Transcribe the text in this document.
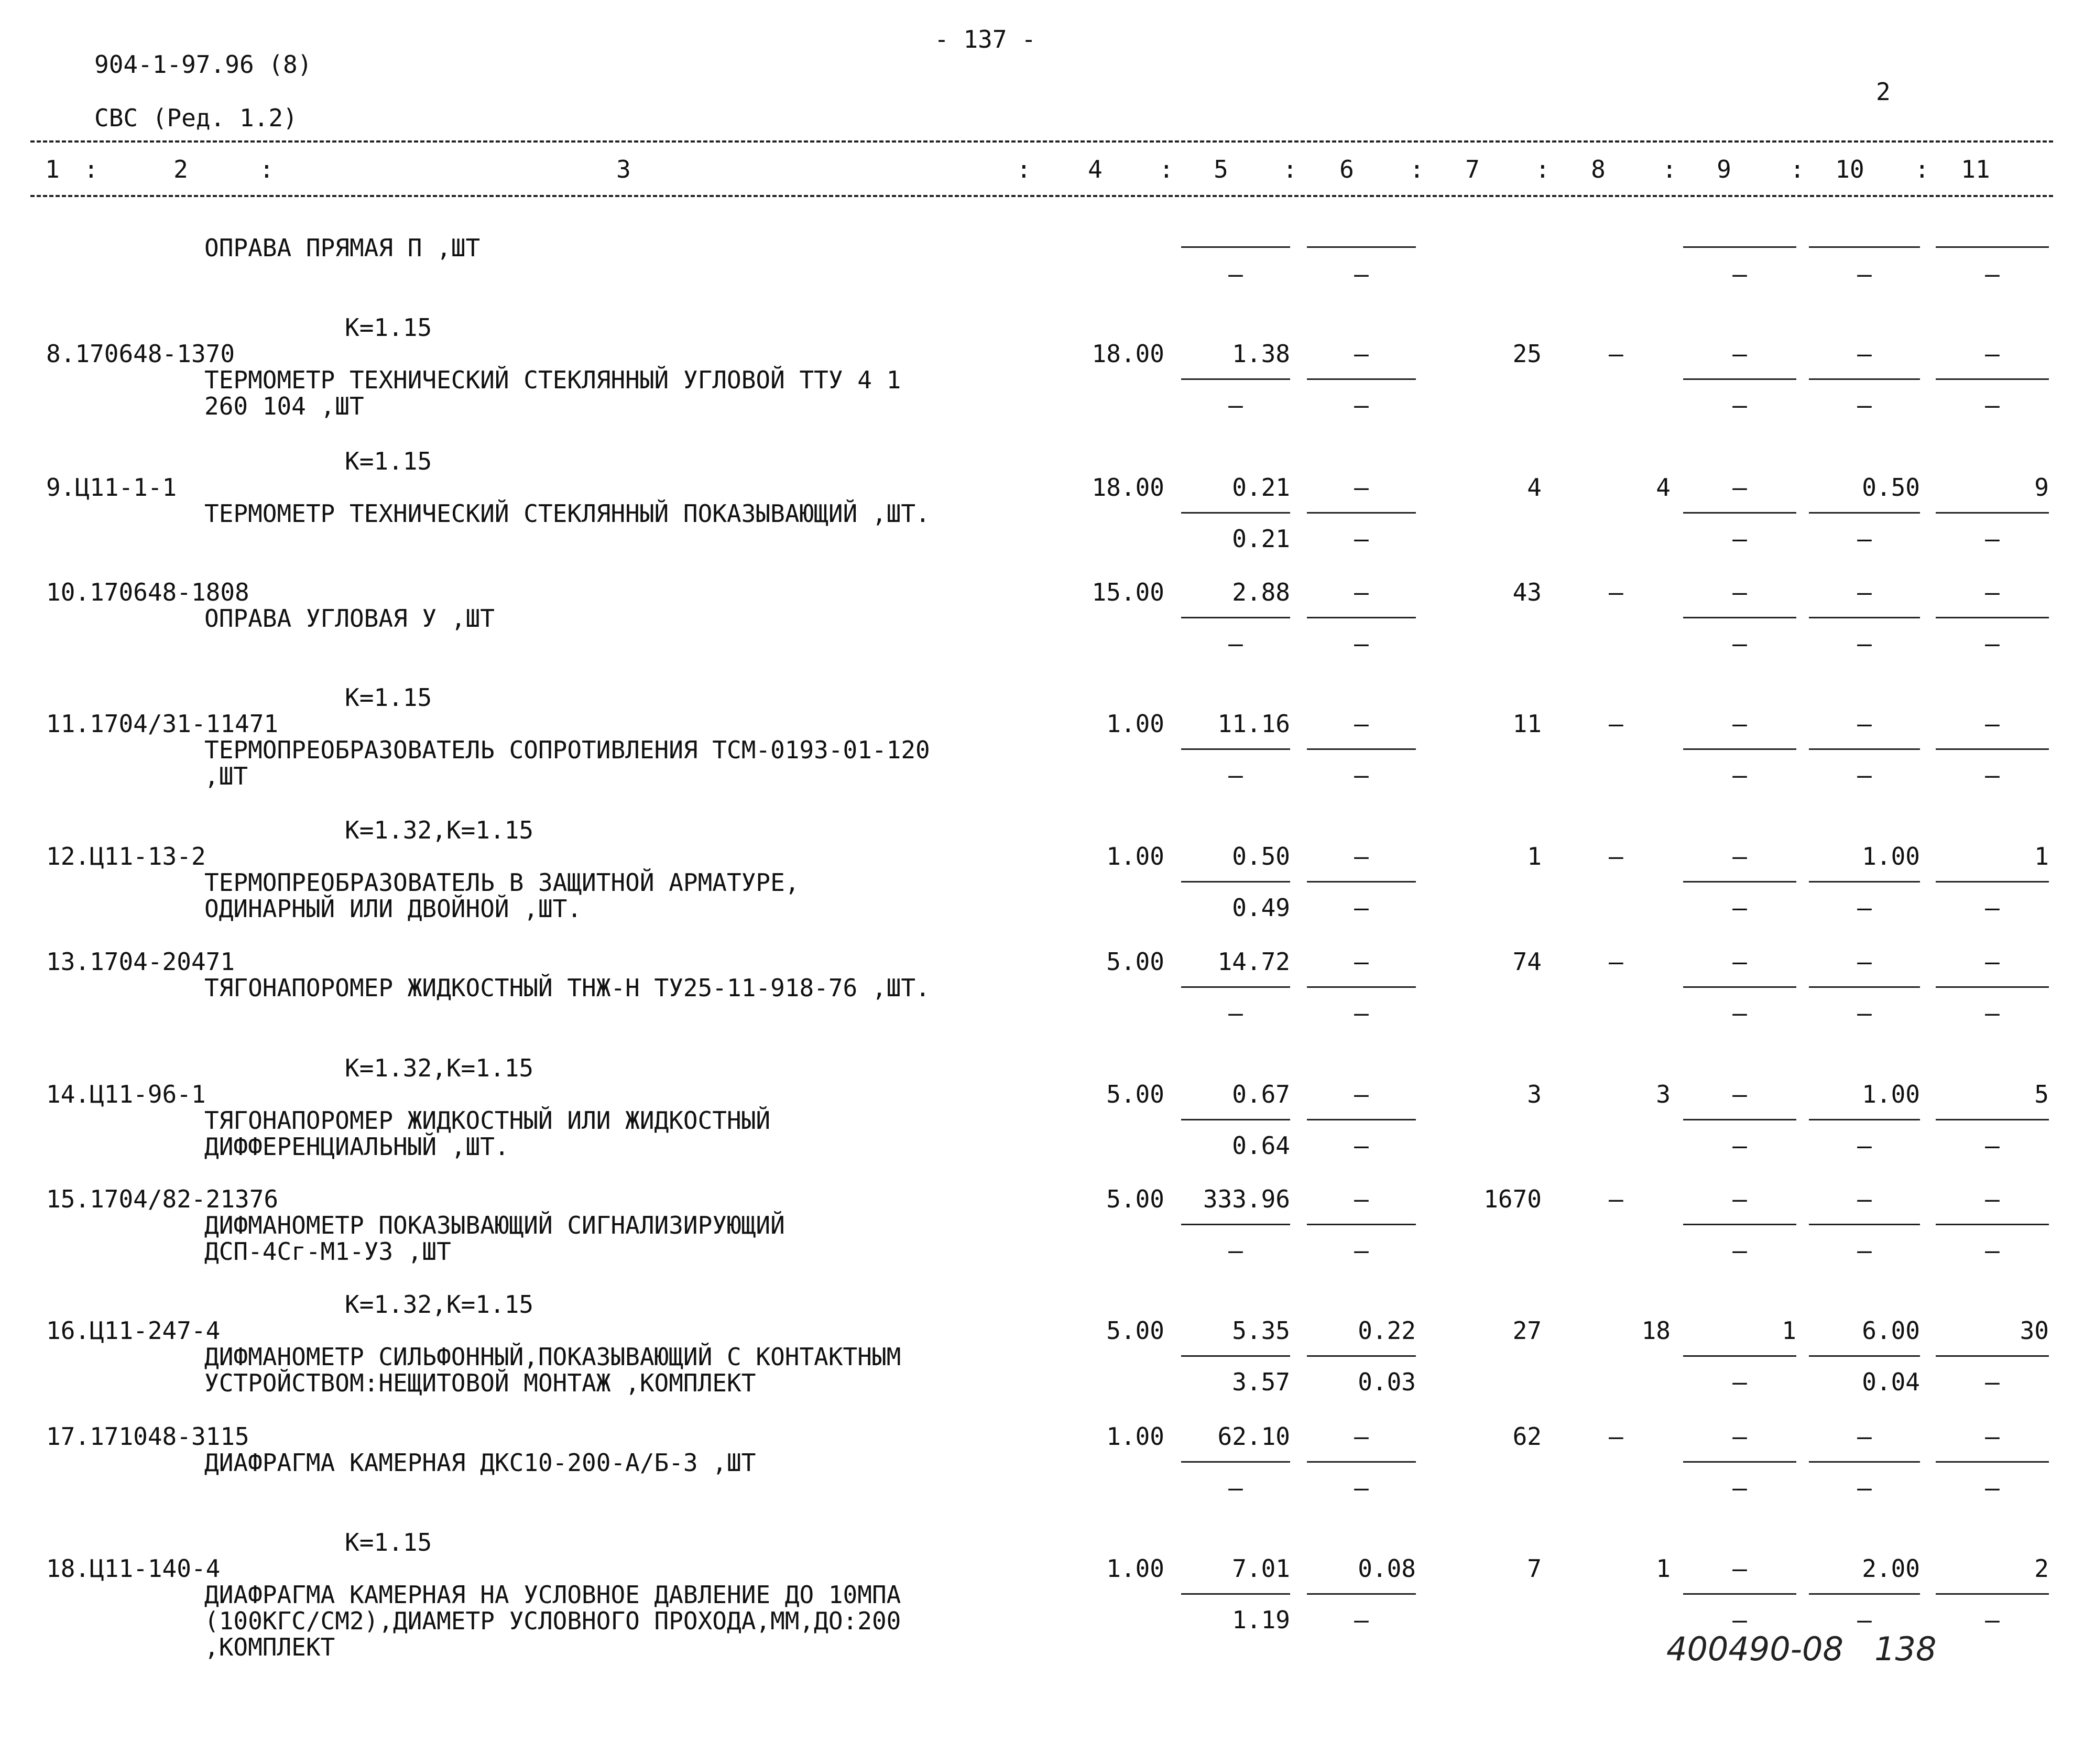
- 137 -
904-1-97.96 (8)
2
СВС (Ред. 1.2)
1	2	3	4	5	6	7	8	9	10	11
:	:	:	:	:	:	:	:	:	:
ОПРАВА ПРЯМАЯ П ,ШТ
–	–	–	–	–
К=1.15
8.170648-1370
ТЕРМОМЕТР ТЕХНИЧЕСКИЙ СТЕКЛЯННЫЙ УГЛОВОЙ ТТУ 4 1
260 104 ,ШТ
18.00	1.38	–	25	–	–	–	–
–	–	–	–	–
К=1.15
9.Ц11-1-1
ТЕРМОМЕТР ТЕХНИЧЕСКИЙ СТЕКЛЯННЫЙ ПОКАЗЫВАЮЩИЙ ,ШТ.
18.00	0.21	–	4	4	–	0.50	9
0.21	–	–	–	–
10.170648-1808
ОПРАВА УГЛОВАЯ У ,ШТ
15.00	2.88	–	43	–	–	–	–
–	–	–	–	–
К=1.15
11.1704/31-11471
ТЕРМОПРЕОБРАЗОВАТЕЛЬ СОПРОТИВЛЕНИЯ ТСМ-0193-01-120
,ШТ
1.00	11.16	–	11	–	–	–	–
–	–	–	–	–
К=1.32,К=1.15
12.Ц11-13-2
ТЕРМОПРЕОБРАЗОВАТЕЛЬ В ЗАЩИТНОЙ АРМАТУРЕ,
ОДИНАРНЫЙ ИЛИ ДВОЙНОЙ ,ШТ.
1.00	0.50	–	1	–	–	1.00	1
0.49	–	–	–	–
13.1704-20471
ТЯГОНАПОРОМЕР ЖИДКОСТНЫЙ ТНЖ-Н ТУ25-11-918-76 ,ШТ.
5.00	14.72	–	74	–	–	–	–
–	–	–	–	–
К=1.32,К=1.15
14.Ц11-96-1
ТЯГОНАПОРОМЕР ЖИДКОСТНЫЙ ИЛИ ЖИДКОСТНЫЙ
ДИФФЕРЕНЦИАЛЬНЫЙ ,ШТ.
5.00	0.67	–	3	3	–	1.00	5
0.64	–	–	–	–
15.1704/82-21376
ДИФМАНОМЕТР ПОКАЗЫВАЮЩИЙ СИГНАЛИЗИРУЮЩИЙ
ДСП-4Сг-М1-УЗ ,ШТ
5.00	333.96	–	1670	–	–	–	–
–	–	–	–	–
К=1.32,К=1.15
16.Ц11-247-4
ДИФМАНОМЕТР СИЛЬФОННЫЙ,ПОКАЗЫВАЮЩИЙ С КОНТАКТНЫМ
УСТРОЙСТВОМ:НЕЩИТОВОЙ МОНТАЖ ,КОМПЛЕКТ
5.00	5.35	0.22	27	18	1	6.00	30
3.57	0.03	–	0.04	–
17.171048-3115
ДИАФРАГМА КАМЕРНАЯ ДКС10-200-А/Б-3 ,ШТ
1.00	62.10	–	62	–	–	–	–
–	–	–	–	–
К=1.15
18.Ц11-140-4
ДИАФРАГМА КАМЕРНАЯ НА УСЛОВНОЕ ДАВЛЕНИЕ ДО 10МПА
(100КГС/СМ2),ДИАМЕТР УСЛОВНОГО ПРОХОДА,ММ,ДО:200
,КОМПЛЕКТ
1.00	7.01	0.08	7	1	–	2.00	2
1.19	–	–	–	–
400490-08   138
